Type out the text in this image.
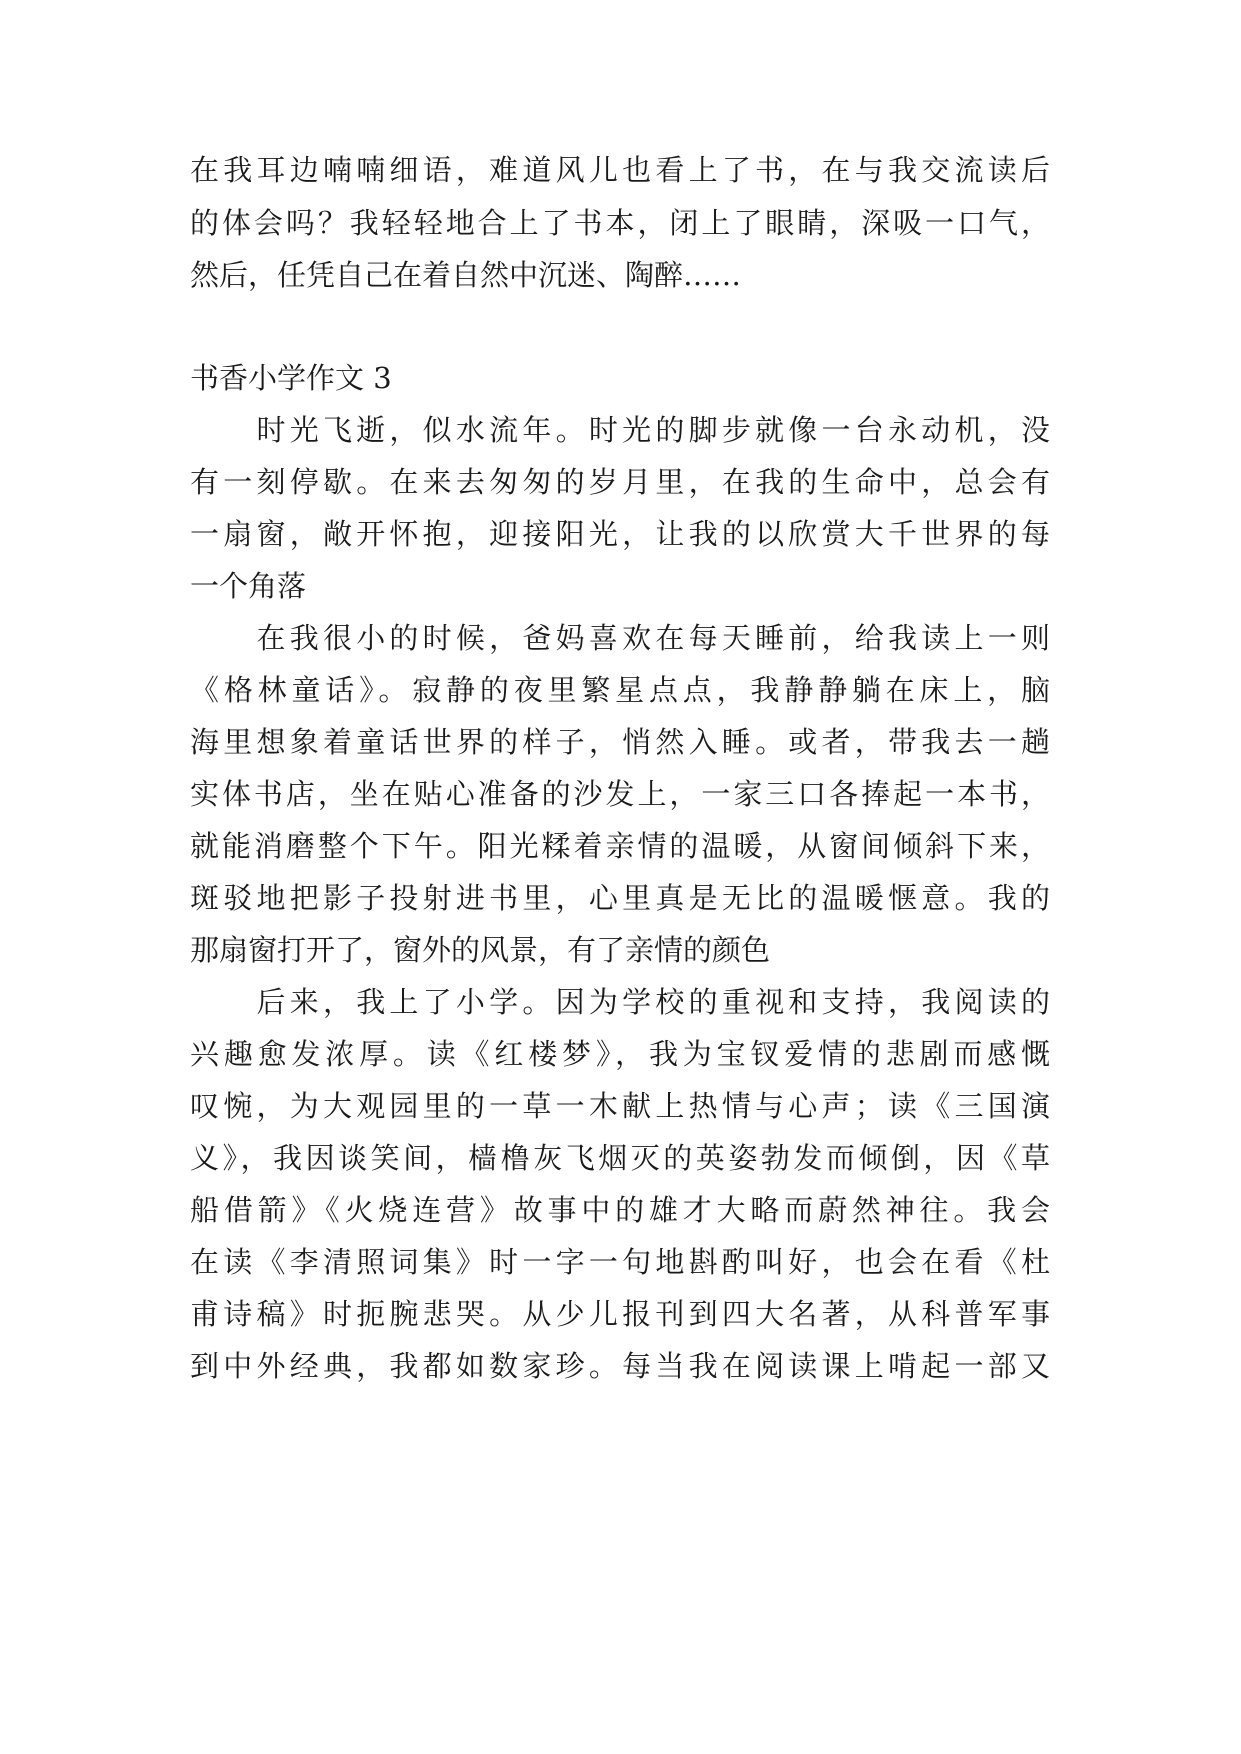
在我耳边喃喃细语，难道风儿也看上了书，在与我交流读后
的体会吗？我轻轻地合上了书本，闭上了眼睛，深吸一口气，
然后，任凭自己在着自然中沉迷、陶醉……
书香小学作文 3
　　时光飞逝，似水流年。时光的脚步就像一台永动机，没
有一刻停歇。在来去匆匆的岁月里，在我的生命中，总会有
一扇窗，敞开怀抱，迎接阳光，让我的以欣赏大千世界的每
一个角落
　　在我很小的时候，爸妈喜欢在每天睡前，给我读上一则
《格林童话》。寂静的夜里繁星点点，我静静躺在床上，脑
海里想象着童话世界的样子，悄然入睡。或者，带我去一趟
实体书店，坐在贴心准备的沙发上，一家三口各捧起一本书，
就能消磨整个下午。阳光糅着亲情的温暖，从窗间倾斜下来，
斑驳地把影子投射进书里，心里真是无比的温暖惬意。我的
那扇窗打开了，窗外的风景，有了亲情的颜色
　　后来，我上了小学。因为学校的重视和支持，我阅读的
兴趣愈发浓厚。读《红楼梦》，我为宝钗爱情的悲剧而感慨
叹惋，为大观园里的一草一木献上热情与心声；读《三国演
义》，我因谈笑间，樯橹灰飞烟灭的英姿勃发而倾倒，因《草
船借箭》《火烧连营》故事中的雄才大略而蔚然神往。我会
在读《李清照词集》时一字一句地斟酌叫好，也会在看《杜
甫诗稿》时扼腕悲哭。从少儿报刊到四大名著，从科普军事
到中外经典，我都如数家珍。每当我在阅读课上啃起一部又
